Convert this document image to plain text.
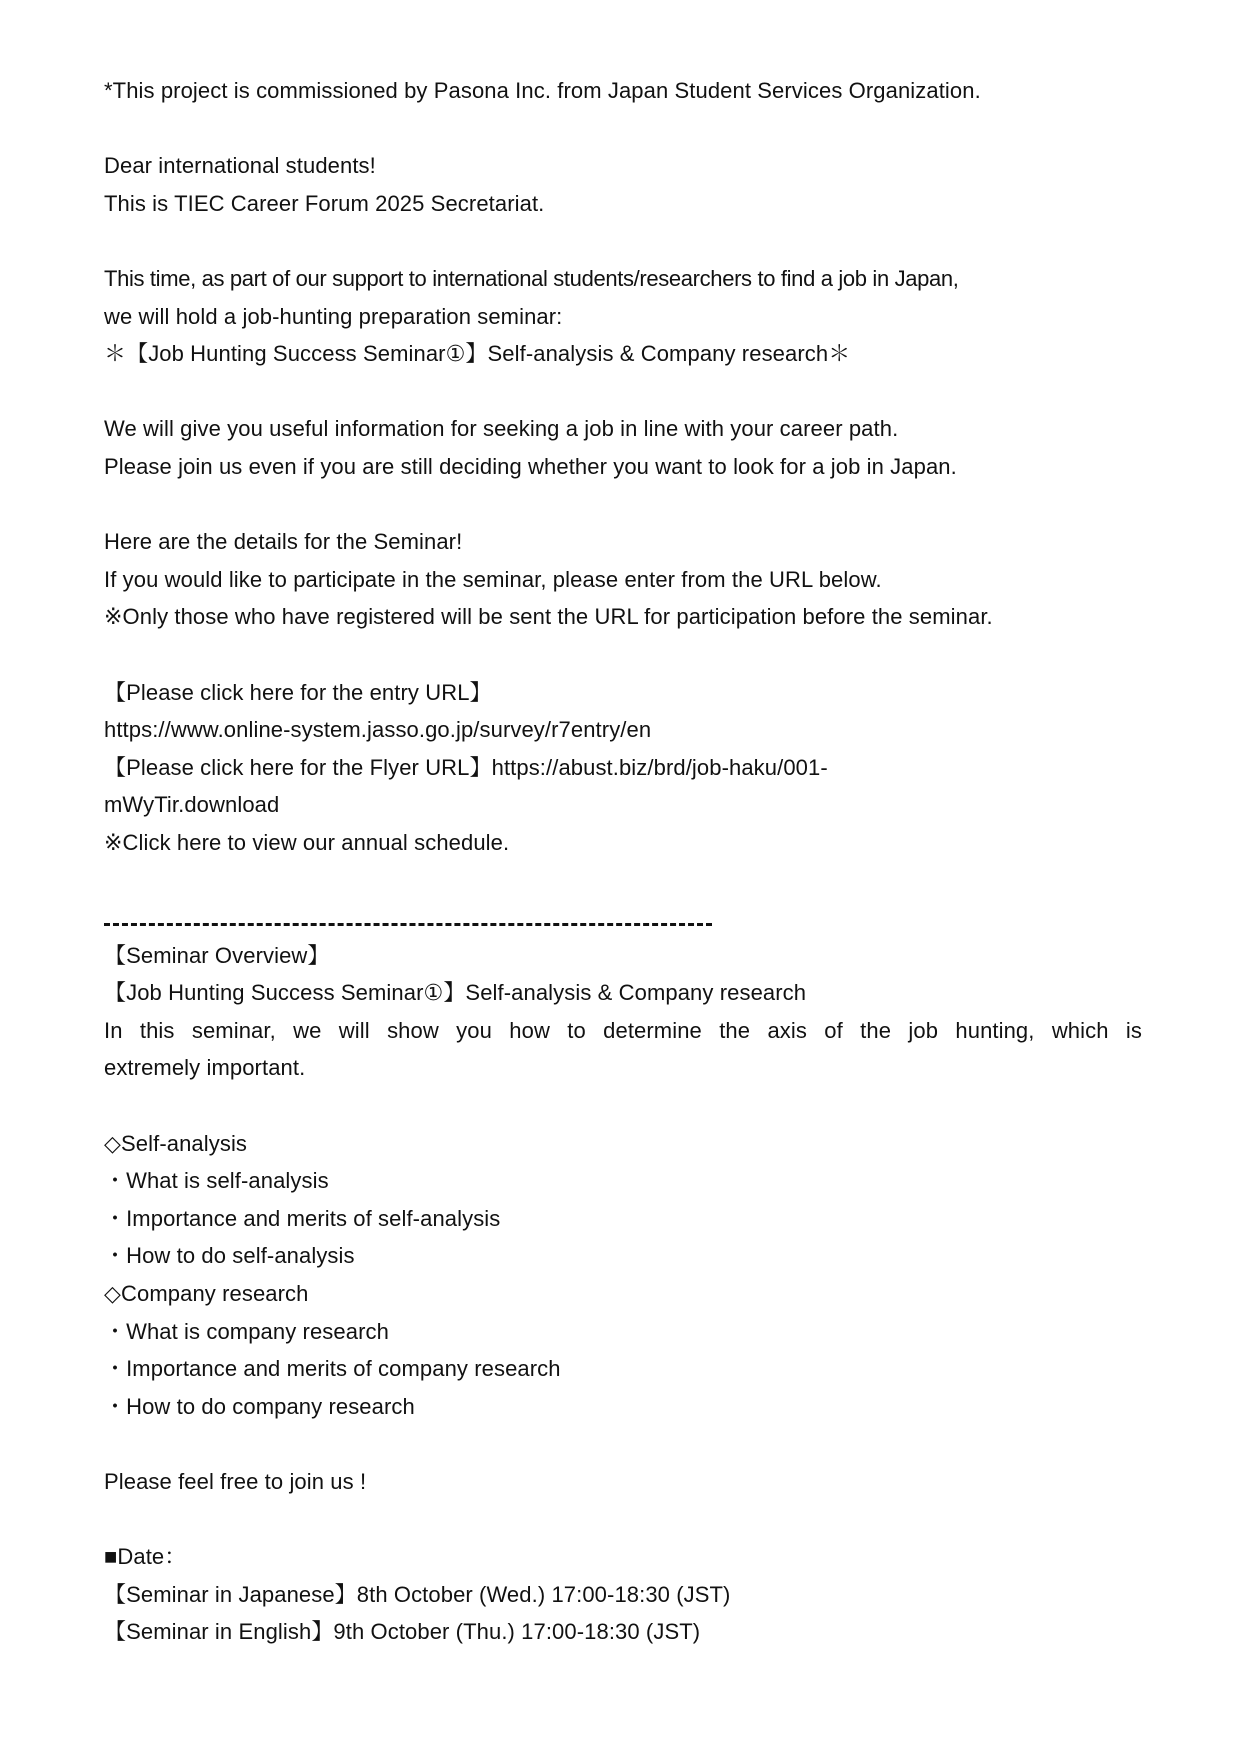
*This project is commissioned by Pasona Inc. from Japan Student Services Organization.
Dear international students!
This is TIEC Career Forum 2025 Secretariat.
This time, as part of our support to international students/researchers to find a job in Japan,
we will hold a job-hunting preparation seminar:
＊【Job Hunting Success Seminar①】Self-analysis & Company research＊
We will give you useful information for seeking a job in line with your career path.
Please join us even if you are still deciding whether you want to look for a job in Japan.
Here are the details for the Seminar!
If you would like to participate in the seminar, please enter from the URL below.
※Only those who have registered will be sent the URL for participation before the seminar.
【Please click here for the entry URL】
https://www.online-system.jasso.go.jp/survey/r7entry/en
【Please click here for the Flyer URL】https://abust.biz/brd/job-haku/001-
mWyTir.download
※Click here to view our annual schedule.
【Seminar Overview】
【Job Hunting Success Seminar①】Self-analysis & Company research
In this seminar, we will show you how to determine the axis of the job hunting, which is
extremely important.
◇Self-analysis
・What is self-analysis
・Importance and merits of self-analysis
・How to do self-analysis
◇Company research
・What is company research
・Importance and merits of company research
・How to do company research
Please feel free to join us !
■Date：
【Seminar in Japanese】8th October (Wed.) 17:00-18:30 (JST)
【Seminar in English】9th October (Thu.) 17:00-18:30 (JST)
